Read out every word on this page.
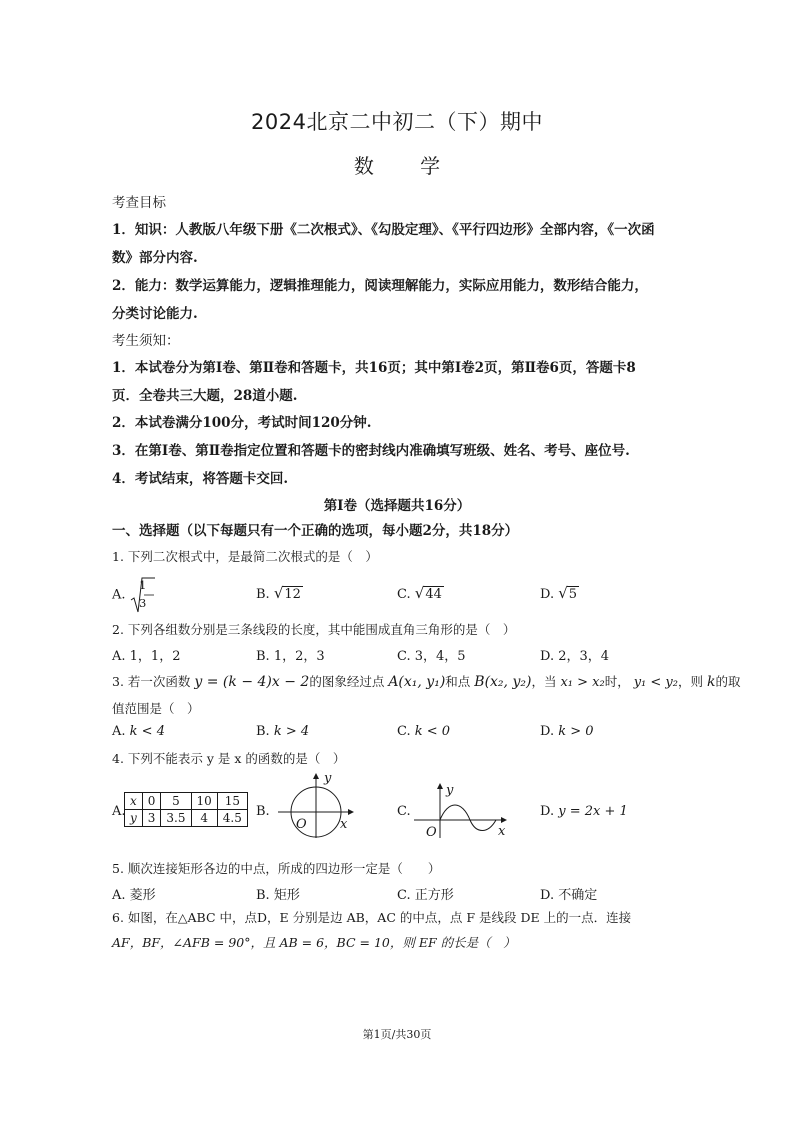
2024北京二中初二（下）期中
数 学
考查目标
1．知识：人教版八年级下册《二次根式》、《勾股定理》、《平行四边形》全部内容，《一次函
数》部分内容.
2．能力：数学运算能力，逻辑推理能力，阅读理解能力，实际应用能力，数形结合能力，
分类讨论能力.
考生须知：
1．本试卷分为第Ⅰ卷、第Ⅱ卷和答题卡，共16页；其中第Ⅰ卷2页，第Ⅱ卷6页，答题卡8
页．全卷共三大题，28道小题.
2．本试卷满分100分，考试时间120分钟.
3．在第Ⅰ卷、第Ⅱ卷指定位置和答题卡的密封线内准确填写班级、姓名、考号、座位号.
4．考试结束，将答题卡交回.
第Ⅰ卷（选择题共16分）
一、选择题（以下每题只有一个正确的选项，每小题2分，共18分）
1. 下列二次根式中，是最简二次根式的是（　）
A.
1
3
B. √12	C. √44	D. √5
2. 下列各组数分别是三条线段的长度，其中能围成直角三角形的是（　）
A. 1，1，2	B. 1，2，3	C. 3，4，5	D. 2，3，4
3. 若一次函数 y = (k − 4)x − 2的图象经过点 A(x₁, y₁)和点 B(x₂, y₂)，当 x₁ > x₂时， y₁ < y₂，则 k的取
值范围是（　）
A. k < 4	B. k > 4	C. k < 0	D. k > 0
4. 下列不能表示 y 是 x 的函数的是（　）
A.
x	0	5	10	15
y	3	3.5	4	4.5 B.
y
x
O
C.
y
x
O
D. y = 2x + 1
5. 顺次连接矩形各边的中点，所成的四边形一定是（　　）
A. 菱形	B. 矩形	C. 正方形	D. 不确定
6. 如图，在△ABC 中，点D，E 分别是边 AB，AC 的中点，点 F 是线段 DE 上的一点．连接
AF，BF，∠AFB = 90°，且 AB = 6，BC = 10，则 EF 的长是（　）
第1页/共30页
